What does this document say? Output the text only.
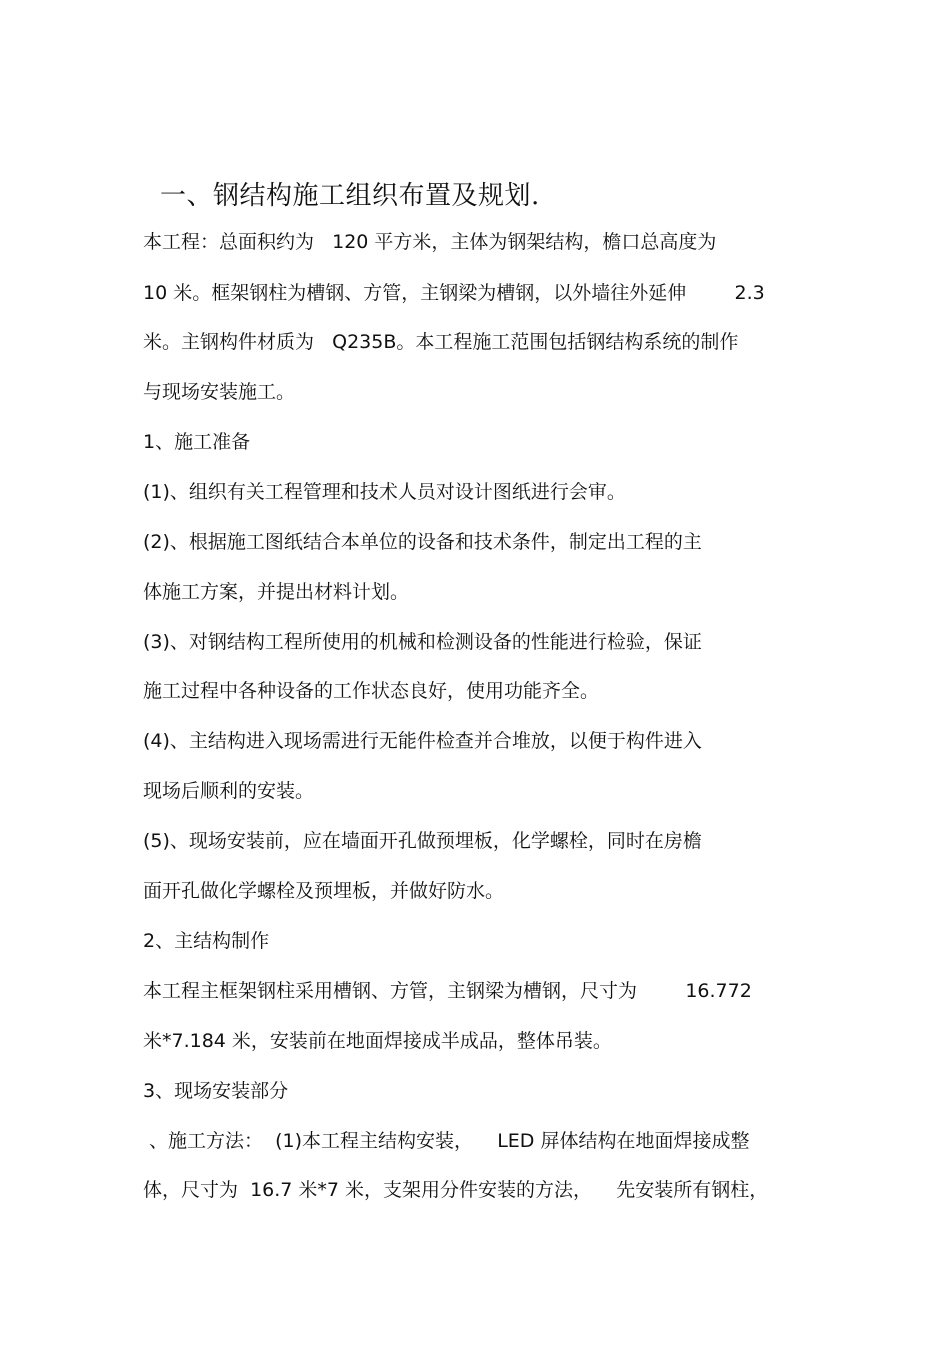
一、钢结构施工组织布置及规划.
本工程：总面积约为   120 平方米，主体为钢架结构，檐口总高度为
10 米。框架钢柱为槽钢、方管，主钢梁为槽钢，以外墙往外延伸        2.3
米。主钢构件材质为   Q235B。本工程施工范围包括钢结构系统的制作
与现场安装施工。
1、施工准备
(1)、组织有关工程管理和技术人员对设计图纸进行会审。
(2)、根据施工图纸结合本单位的设备和技术条件，制定出工程的主
体施工方案，并提出材料计划。
(3)、对钢结构工程所使用的机械和检测设备的性能进行检验，保证
施工过程中各种设备的工作状态良好，使用功能齐全。
(4)、主结构进入现场需进行无能件检查并合堆放，以便于构件进入
现场后顺利的安装。
(5)、现场安装前，应在墙面开孔做预埋板，化学螺栓，同时在房檐
面开孔做化学螺栓及预埋板，并做好防水。
2、主结构制作
本工程主框架钢柱采用槽钢、方管，主钢梁为槽钢，尺寸为        16.772
米*7.184 米，安装前在地面焊接成半成品，整体吊装。
3、现场安装部分
、施工方法：  (1)本工程主结构安装，    LED 屏体结构在地面焊接成整
体，尺寸为  16.7 米*7 米，支架用分件安装的方法，    先安装所有钢柱，
